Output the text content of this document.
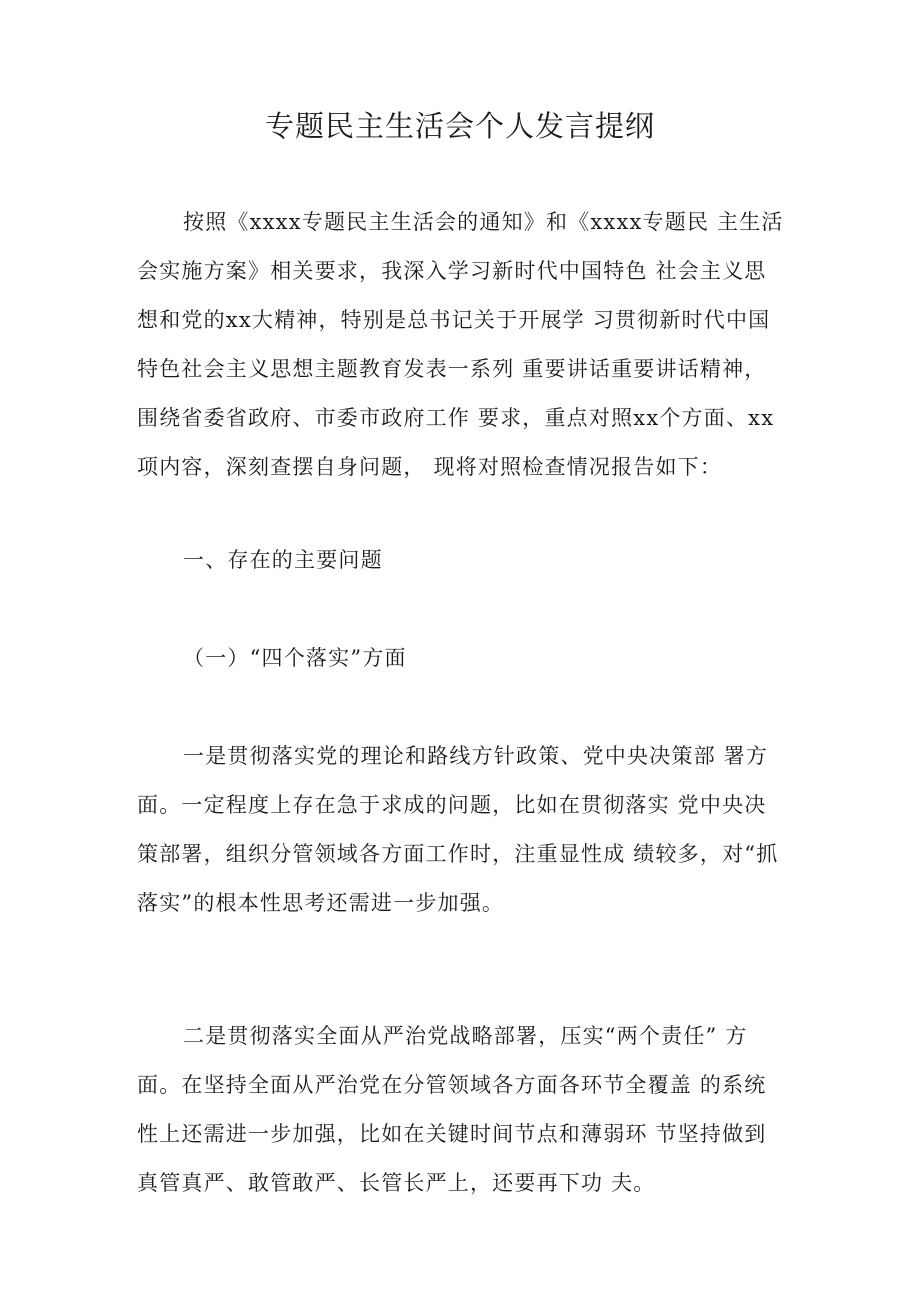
专题民主生活会个人发言提纲
按照《xxxx专题民主生活会的通知》和《xxxx专题民 主生活
会实施方案》相关要求，我深入学习新时代中国特色 社会主义思
想和党的xx大精神，特别是总书记关于开展学 习贯彻新时代中国
特色社会主义思想主题教育发表一系列 重要讲话重要讲话精神，
围绕省委省政府、市委市政府工作 要求，重点对照xx个方面、xx
项内容，深刻查摆自身问题， 现将对照检查情况报告如下：
一、存在的主要问题
（一）“四个落实”方面
一是贯彻落实党的理论和路线方针政策、党中央决策部 署方
面。一定程度上存在急于求成的问题，比如在贯彻落实 党中央决
策部署，组织分管领域各方面工作时，注重显性成 绩较多，对“抓
落实”的根本性思考还需进一步加强。
二是贯彻落实全面从严治党战略部署，压实“两个责任” 方
面。在坚持全面从严治党在分管领域各方面各环节全覆盖 的系统
性上还需进一步加强，比如在关键时间节点和薄弱环 节坚持做到
真管真严、敢管敢严、长管长严上，还要再下功 夫。
